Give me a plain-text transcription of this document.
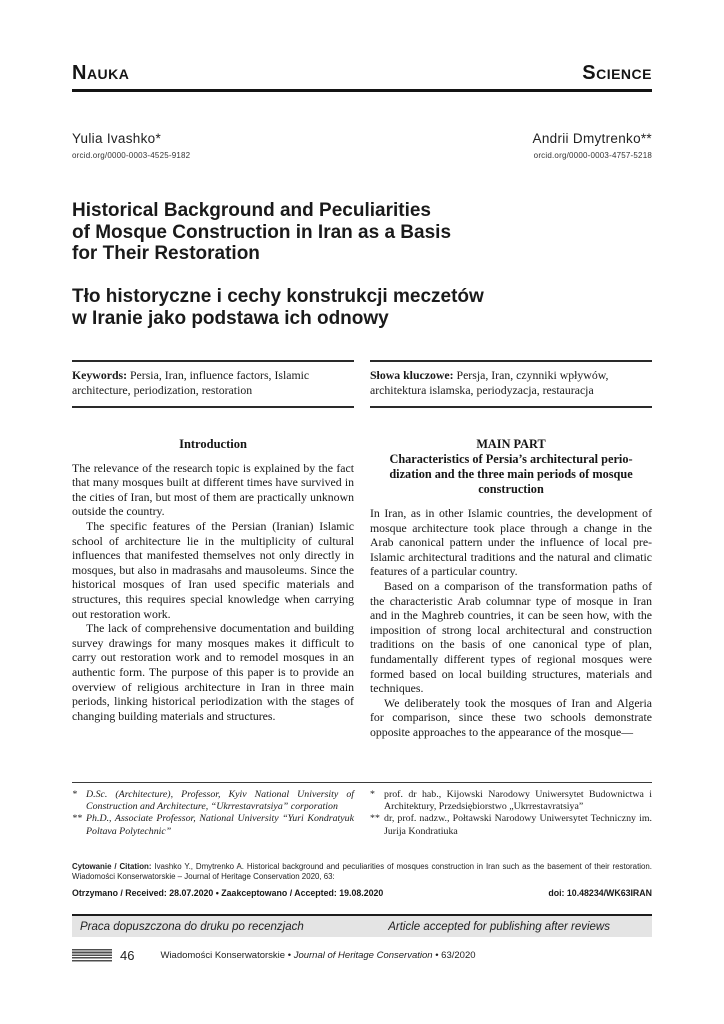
Nauka	Science
Yulia Ivashko*
orcid.org/0000-0003-4525-9182
Andrii Dmytrenko**
orcid.org/0000-0003-4757-5218
Historical Background and Peculiarities
of Mosque Construction in Iran as a Basis
for Their Restoration
Tło historyczne i cechy konstrukcji meczetów
w Iranie jako podstawa ich odnowy
Keywords: Persia, Iran, influence factors, Islamic architecture, periodization, restoration
Słowa kluczowe: Persja, Iran, czynniki wpływów, architektura islamska, periodyzacja, restauracja
Introduction

The relevance of the research topic is explained by the fact that many mosques built at different times have survived in the cities of Iran, but most of them are practically unknown outside the country.

The specific features of the Persian (Iranian) Islamic school of architecture lie in the multiplicity of cultural influences that manifested themselves not only directly in mosques, but also in madrasahs and mausoleums. Since the historical mosques of Iran used specific materials and structures, this requires special knowledge when carrying out restoration work.

The lack of comprehensive documentation and building survey drawings for many mosques makes it difficult to carry out restoration work and to remodel mosques in an authentic form. The purpose of this paper is to provide an overview of religious architecture in Iran in three main periods, linking historical periodization with the stages of changing building materials and structures.

MAIN PART
Characteristics of Persia’s architectural perio-
dization and the three main periods of mosque
construction

In Iran, as in other Islamic countries, the development of mosque architecture took place through a change in the Arab canonical pattern under the influence of local pre-Islamic architectural traditions and the natural and climatic features of a particular country.

Based on a comparison of the transformation paths of the characteristic Arab columnar type of mosque in Iran and in the Maghreb countries, it can be seen how, with the imposition of strong local architectural and construction traditions on the basis of one canonical type of plan, fundamentally different types of regional mosques were formed based on local building structures, materials and techniques.

We deliberately took the mosques of Iran and Algeria for comparison, since these two schools demonstrate opposite approaches to the appearance of the mosque—

* D.Sc. (Architecture), Professor, Kyiv National University of Construction and Architecture, “Ukrrestavratsiya” corporation
** Ph.D., Associate Professor, National University “Yuri Kondratyuk Poltava Polytechnic”
* prof. dr hab., Kijowski Narodowy Uniwersytet Budownictwa i Architektury, Przedsiębiorstwo „Ukrrestavratsiya”
** dr, prof. nadzw., Połtawski Narodowy Uniwersytet Techniczny im. Jurija Kondratiuka
Cytowanie / Citation: Ivashko Y., Dmytrenko A. Historical background and peculiarities of mosques construction in Iran such as the basement of their restoration. Wiadomości Konserwatorskie – Journal of Heritage Conservation 2020, 63:
Otrzymano / Received: 28.07.2020 • Zaakceptowano / Accepted: 19.08.2020	doi: 10.48234/WK63IRAN
Praca dopuszczona do druku po recenzjach	Article accepted for publishing after reviews
46	Wiadomości Konserwatorskie • Journal of Heritage Conservation • 63/2020
